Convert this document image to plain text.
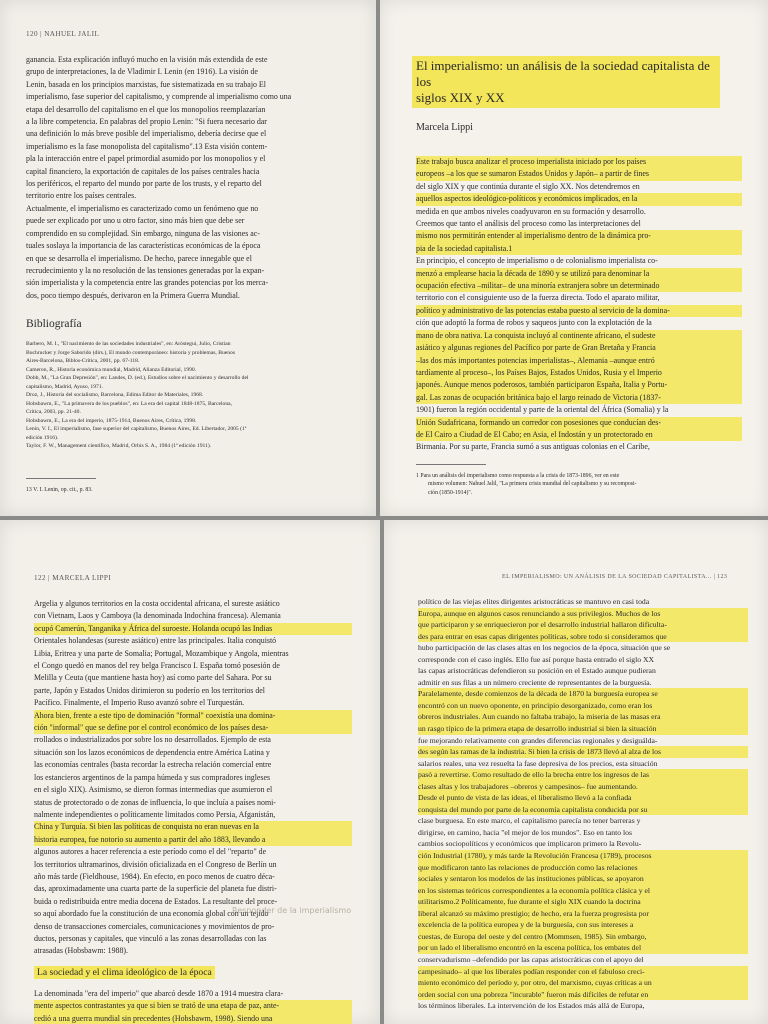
120 | NAHUEL JALIL
ganancia. Esta explicación influyó mucho en la visión más extendida de este
grupo de interpretaciones, la de Vladimir I. Lenin (en 1916). La visión de
Lenin, basada en los principios marxistas, fue sistematizada en su trabajo El
imperialismo, fase superior del capitalismo, y comprende al imperialismo como una
etapa del desarrollo del capitalismo en el que los monopolios reemplazarían
a la libre competencia. En palabras del propio Lenin: "Si fuera necesario dar
una definición lo más breve posible del imperialismo, debería decirse que el
imperialismo es la fase monopolista del capitalismo".13 Esta visión contem-
pla la interacción entre el papel primordial asumido por los monopolios y el
capital financiero, la exportación de capitales de los países centrales hacia
los periféricos, el reparto del mundo por parte de los trusts, y el reparto del
territorio entre los países centrales.
Actualmente, el imperialismo es caracterizado como un fenómeno que no
puede ser explicado por uno u otro factor, sino más bien que debe ser
comprendido en su complejidad. Sin embargo, ninguna de las visiones ac-
tuales soslaya la importancia de las características económicas de la época
en que se desarrolla el imperialismo. De hecho, parece innegable que el
recrudecimiento y la no resolución de las tensiones generadas por la expan-
sión imperialista y la competencia entre las grandes potencias por los merca-
dos, poco tiempo después, derivaron en la Primera Guerra Mundial.
Bibliografía
Barbero, M. I., "El nacimiento de las sociedades industriales", en: Aróstegui, Julio, Cristian
Buchrucker y Jorge Saborido (dirs.), El mundo contemporáneo: historia y problemas, Buenos
Aires-Barcelona, Biblos-Crítica, 2001, pp. 67-118.
Cameron, R., Historia económica mundial, Madrid, Alianza Editorial, 1990.
Dobb, M., "La Gran Depresión", en: Landes, D. (ed.), Estudios sobre el nacimiento y desarrollo del
capitalismo, Madrid, Ayuso, 1971.
Droz, J., Historia del socialismo, Barcelona, Edima Editor de Materiales, 1968.
Hobsbawm, E., "La primavera de los pueblos", en: La era del capital 1848-1875, Barcelona,
Crítica, 2003, pp. 21-40.
Hobsbawm, E., La era del imperio, 1875-1914, Buenos Aires, Crítica, 1998.
Lenin, V. I., El imperialismo, fase superior del capitalismo, Buenos Aires, Ed. Libertador, 2005 (1ª
edición 1916).
Taylor, F. W., Management científico, Madrid, Orbis S. A., 1984 (1ª edición 1911).
13 V. I. Lenin, op. cit., p. 83.
El imperialismo: un análisis de la sociedad capitalista de los
siglos XIX y XX
Marcela Lippi
Este trabajo busca analizar el proceso imperialista iniciado por los países
europeos –a los que se sumaron Estados Unidos y Japón– a partir de fines
del siglo XIX y que continúa durante el siglo XX. Nos detendremos en
aquellos aspectos ideológico-políticos y económicos implicados, en la
medida en que ambos niveles coadyuvaron en su formación y desarrollo.
Creemos que tanto el análisis del proceso como las interpretaciones del
mismo nos permitirán entender al imperialismo dentro de la dinámica pro-
pia de la sociedad capitalista.1
En principio, el concepto de imperialismo o de colonialismo imperialista co-
menzó a emplearse hacia la década de 1890 y se utilizó para denominar la
ocupación efectiva –militar– de una minoría extranjera sobre un determinado
territorio con el consiguiente uso de la fuerza directa. Todo el aparato militar,
político y administrativo de las potencias estaba puesto al servicio de la domina-
ción que adoptó la forma de robos y saqueos junto con la explotación de la
mano de obra nativa. La conquista incluyó al continente africano, el sudeste
asiático y algunas regiones del Pacífico por parte de Gran Bretaña y Francia
–las dos más importantes potencias imperialistas–, Alemania –aunque entró
tardíamente al proceso–, los Países Bajos, Estados Unidos, Rusia y el Imperio
japonés. Aunque menos poderosos, también participaron España, Italia y Portu-
gal. Las zonas de ocupación británica bajo el largo reinado de Victoria (1837-
1901) fueron la región occidental y parte de la oriental del África (Somalia) y la
Unión Sudafricana, formando un corredor con posesiones que conducían des-
de El Cairo a Ciudad de El Cabo; en Asia, el Indostán y un protectorado en
Birmania. Por su parte, Francia sumó a sus antiguas colonias en el Caribe,
1 Para un análisis del imperialismo como respuesta a la crisis de 1873-1896, ver en este
mismo volumen: Nahuel Jalil, "La primera crisis mundial del capitalismo y su recomposi-
ción (1850-1914)".
122 | MARCELA LIPPI
Argelia y algunos territorios en la costa occidental africana, el sureste asiático
con Vietnam, Laos y Camboya (la denominada Indochina francesa). Alemania
ocupó Camerún, Tanganika y África del suroeste. Holanda ocupó las Indias
Orientales holandesas (sureste asiático) entre las principales. Italia conquistó
Libia, Eritrea y una parte de Somalia; Portugal, Mozambique y Angola, mientras
el Congo quedó en manos del rey belga Francisco I. España tomó posesión de
Melilla y Ceuta (que mantiene hasta hoy) así como parte del Sahara. Por su
parte, Japón y Estados Unidos dirimieron su poderío en los territorios del
Pacífico. Finalmente, el Imperio Ruso avanzó sobre el Turquestán.
Ahora bien, frente a este tipo de dominación "formal" coexistía una domina-
ción "informal" que se define por el control económico de los países desa-
rrollados o industrializados por sobre los no desarrollados. Ejemplo de esta
situación son los lazos económicos de dependencia entre América Latina y
las economías centrales (basta recordar la estrecha relación comercial entre
los estancieros argentinos de la pampa húmeda y sus compradores ingleses
en el siglo XIX). Asimismo, se dieron formas intermedias que asumieron el
status de protectorado o de zonas de influencia, lo que incluía a países nomi-
nalmente independientes o políticamente limitados como Persia, Afganistán,
China y Turquía. Si bien las políticas de conquista no eran nuevas en la
historia europea, fue notorio su aumento a partir del año 1883, llevando a
algunos autores a hacer referencia a este período como el del "reparto" de
los territorios ultramarinos, división oficializada en el Congreso de Berlín un
año más tarde (Fieldhouse, 1984). En efecto, en poco menos de cuatro déca-
das, aproximadamente una cuarta parte de la superficie del planeta fue distri-
buida o redistribuida entre media docena de Estados. La resultante del proce-
so aquí abordado fue la constitución de una economía global con un tejido
denso de transacciones comerciales, comunicaciones y movimientos de pro-
ductos, personas y capitales, que vinculó a las zonas desarrolladas con las
atrasadas (Hobsbawm: 1988).
La sociedad y el clima ideológico de la época
La denominada "era del imperio" que abarcó desde 1870 a 1914 muestra clara-
mente aspectos contrastantes ya que si bien se trató de una etapa de paz, ante-
cedió a una guerra mundial sin precedentes (Hobsbawm, 1998). Siendo una
Responder de la imperialismo
EL IMPERIALISMO: UN ANÁLISIS DE LA SOCIEDAD CAPITALISTA... | 123
político de las viejas elites dirigentes aristocráticas se mantuvo en casi toda
Europa, aunque en algunos casos renunciando a sus privilegios. Muchos de los
que participaron y se enriquecieron por el desarrollo industrial hallaron dificulta-
des para entrar en esas capas dirigentes políticas, sobre todo si consideramos que
hubo participación de las clases altas en los negocios de la época, situación que se
corresponde con el caso inglés. Ello fue así porque hasta entrado el siglo XX
las capas aristocráticas defendieron su posición en el Estado aunque pudieran
admitir en sus filas a un número creciente de representantes de la burguesía.
Paralelamente, desde comienzos de la década de 1870 la burguesía europea se
encontró con un nuevo oponente, en principio desorganizado, como eran los
obreros industriales. Aun cuando no faltaba trabajo, la miseria de las masas era
un rasgo típico de la primera etapa de desarrollo industrial si bien la situación
fue mejorando relativamente con grandes diferencias regionales y desiguálda-
des según las ramas de la industria. Si bien la crisis de 1873 llevó al alza de los
salarios reales, una vez resuelta la fase depresiva de los precios, esta situación
pasó a revertirse. Como resultado de ello la brecha entre los ingresos de las
clases altas y los trabajadores –obreros y campesinos– fue aumentando.
Desde el punto de vista de las ideas, el liberalismo llevó a la confiada
conquista del mundo por parte de la economía capitalista conducida por su
clase burguesa. En este marco, el capitalismo parecía no tener barreras y
dirigirse, en camino, hacia "el mejor de los mundos". Eso en tanto los
cambios sociopolíticos y económicos que implicaron primero la Revolu-
ción Industrial (1780), y más tarde la Revolución Francesa (1789), procesos
que modificaron tanto las relaciones de producción como las relaciones
sociales y sentaron los modelos de las instituciones públicas, se apoyaron
en los sistemas teóricos correspondientes a la economía política clásica y el
utilitarismo.2 Políticamente, fue durante el siglo XIX cuando la doctrina
liberal alcanzó su máximo prestigio; de hecho, era la fuerza progresista por
excelencia de la política europea y de la burguesía, con sus intereses a
cuestas, de Europa del oeste y del centro (Mommsen, 1985). Sin embargo,
por un lado el liberalismo encontró en la escena política, los embates del
conservadurismo –defendido por las capas aristocráticas con el apoyo del
campesinado– al que los liberales podían responder con el fabuloso creci-
miento económico del período y, por otro, del marxismo, cuyas críticas a un
orden social con una pobreza "incurable" fueron más difíciles de refutar en
los términos liberales. La intervención de los Estados más allá de Europa,
